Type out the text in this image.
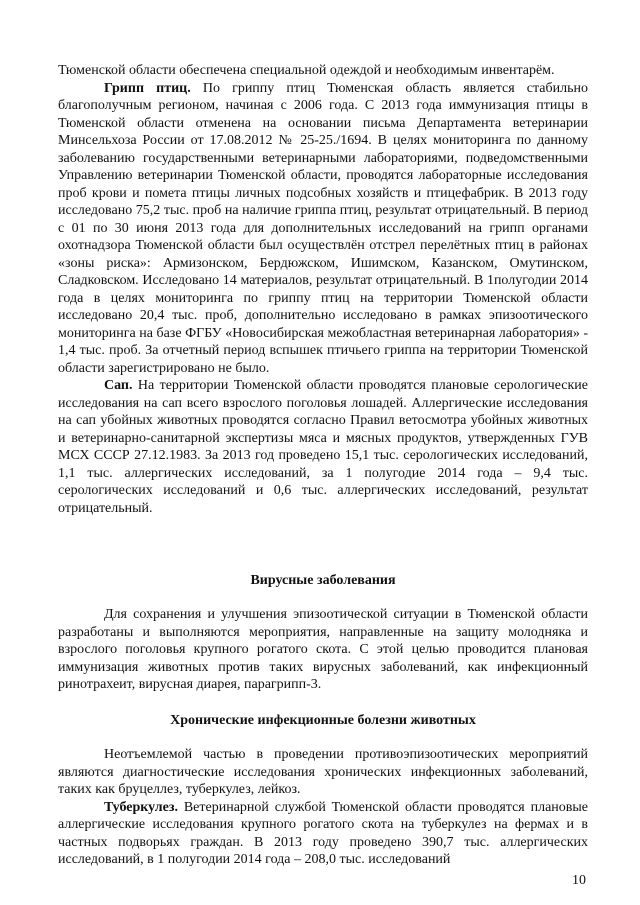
Тюменской области обеспечена специальной одеждой и необходимым инвентарём.

Грипп птиц. По гриппу птиц Тюменская область является стабильно благополучным регионом, начиная с 2006 года. С 2013 года иммунизация птицы в Тюменской области отменена на основании письма Департамента ветеринарии Минсельхоза России от 17.08.2012 № 25-25./1694. В целях мониторинга по данному заболеванию государственными ветеринарными лабораториями, подведомственными Управлению ветеринарии Тюменской области, проводятся лабораторные исследования проб крови и помета птицы личных подсобных хозяйств и птицефабрик. В 2013 году исследовано 75,2 тыс. проб на наличие гриппа птиц, результат отрицательный. В период с 01 по 30 июня 2013 года для дополнительных исследований на грипп органами охотнадзора Тюменской области был осуществлён отстрел перелётных птиц в районах «зоны риска»: Армизонском, Бердюжском, Ишимском, Казанском, Омутинском, Сладковском. Исследовано 14 материалов, результат отрицательный. В 1полугодии 2014 года в целях мониторинга по гриппу птиц на территории Тюменской области исследовано 20,4 тыс. проб, дополнительно исследовано в рамках эпизоотического мониторинга на базе ФГБУ «Новосибирская межобластная ветеринарная лаборатория» - 1,4 тыс. проб. За отчетный период вспышек птичьего гриппа на территории Тюменской области зарегистрировано не было.

Сап. На территории Тюменской области проводятся плановые серологические исследования на сап всего взрослого поголовья лошадей. Аллергические исследования на сап убойных животных проводятся согласно Правил ветосмотра убойных животных и ветеринарно-санитарной экспертизы мяса и мясных продуктов, утвержденных ГУВ МСХ СССР 27.12.1983. За 2013 год проведено 15,1 тыс. серологических исследований, 1,1 тыс. аллергических исследований, за 1 полугодие 2014 года – 9,4 тыс. серологических исследований и 0,6 тыс. аллергических исследований, результат отрицательный.

Вирусные заболевания

Для сохранения и улучшения эпизоотической ситуации в Тюменской области разработаны и выполняются мероприятия, направленные на защиту молодняка и взрослого поголовья крупного рогатого скота. С этой целью проводится плановая иммунизация животных против таких вирусных заболеваний, как инфекционный ринотрахеит, вирусная диарея, парагрипп-3.

Хронические инфекционные болезни животных

Неотъемлемой частью в проведении противоэпизоотических мероприятий являются диагностические исследования хронических инфекционных заболеваний, таких как бруцеллез, туберкулез, лейкоз.

Туберкулез. Ветеринарной службой Тюменской области проводятся плановые аллергические исследования крупного рогатого скота на туберкулез на фермах и в частных подворьях граждан. В 2013 году проведено 390,7 тыс. аллергических исследований, в 1 полугодии 2014 года – 208,0 тыс. исследований

10
